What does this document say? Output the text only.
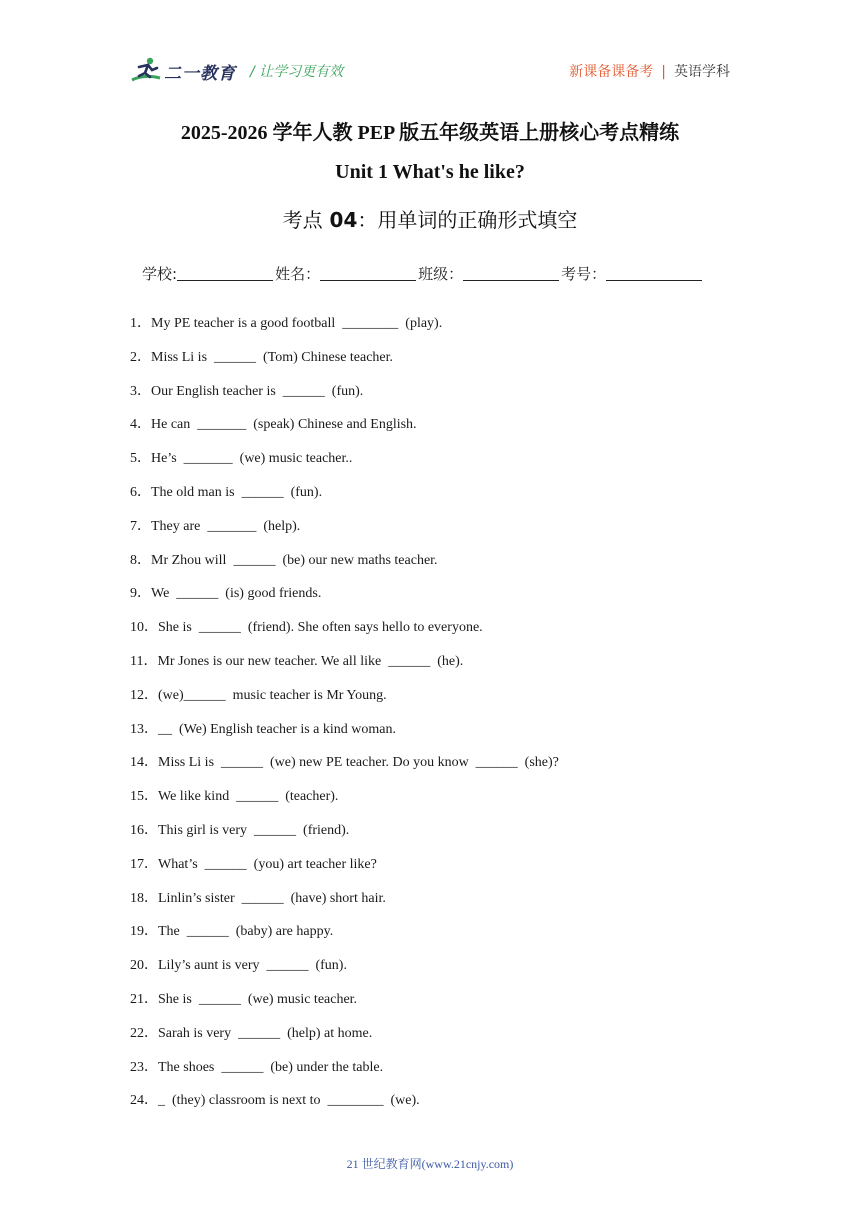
二一教育 / 让学习更有效	新课备课备考 | 英语学科
2025-2026 学年人教 PEP 版五年级英语上册核心考点精练
Unit 1 What's he like?
考点 04：用单词的正确形式填空
学校:	姓名：	班级：	考号：
1．My PE teacher is a good football  ________  (play).
2．Miss Li is  ______  (Tom) Chinese teacher.
3．Our English teacher is  ______  (fun).
4．He can  _______  (speak) Chinese and English.
5．He’s  _______  (we) music teacher..
6．The old man is  ______  (fun).
7．They are  _______  (help).
8．Mr Zhou will  ______  (be) our new maths teacher.
9．We  ______  (is) good friends.
10．She is  ______  (friend). She often says hello to everyone.
11．Mr Jones is our new teacher. We all like  ______  (he).
12．(we)______  music teacher is Mr Young.
13．__  (We) English teacher is a kind woman.
14．Miss Li is  ______  (we) new PE teacher. Do you know  ______  (she)?
15．We like kind  ______  (teacher).
16．This girl is very  ______  (friend).
17．What’s  ______  (you) art teacher like?
18．Linlin’s sister  ______  (have) short hair.
19．The  ______  (baby) are happy.
20．Lily’s aunt is very  ______  (fun).
21．She is  ______  (we) music teacher.
22．Sarah is very  ______  (help) at home.
23．The shoes  ______  (be) under the table.
24．_  (they) classroom is next to  ________  (we).
21 世纪教育网(www.21cnjy.com)
